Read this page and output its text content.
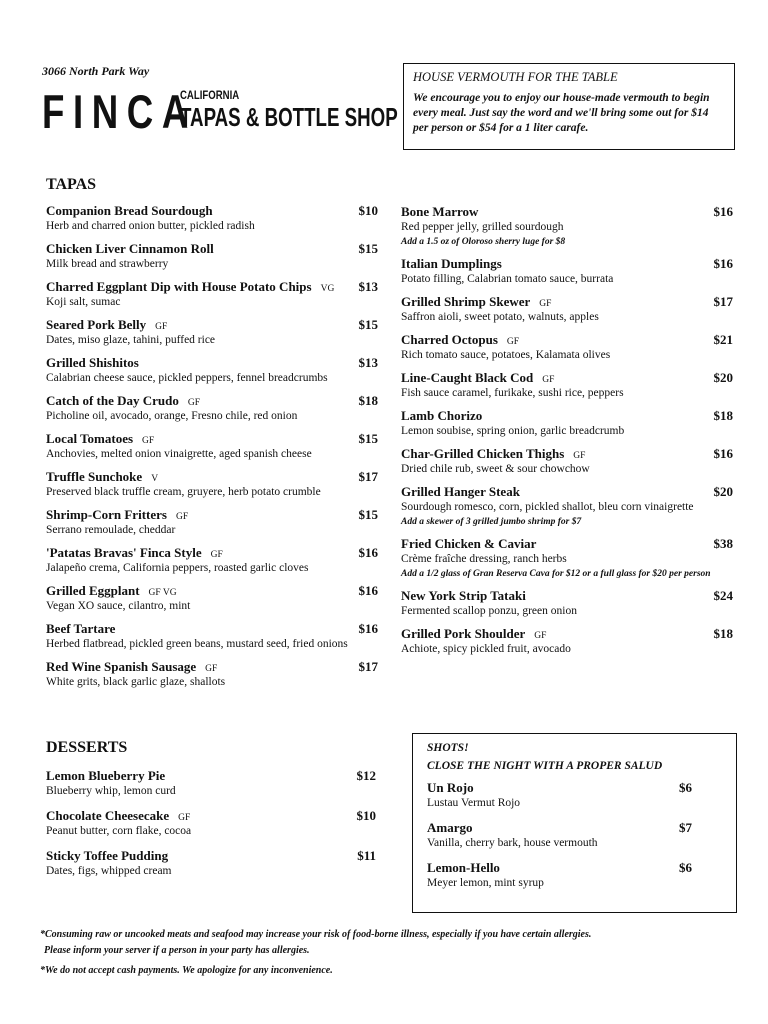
3066 North Park Way
FINCA
CALIFORNIA
TAPAS & BOTTLE SHOP
HOUSE VERMOUTH FOR THE TABLE
We encourage you to enjoy our house-made vermouth to begin every meal. Just say the word and we'll bring some out for $14 per person or $54 for a 1 liter carafe.
TAPAS
Companion Bread Sourdough	$10
Herb and charred onion butter, pickled radish
Chicken Liver Cinnamon Roll	$15
Milk bread and strawberry
Charred Eggplant Dip with House Potato Chips VG $13
Koji salt, sumac
Seared Pork Belly GF	$15
Dates, miso glaze, tahini, puffed rice
Grilled Shishitos	$13
Calabrian cheese sauce, pickled peppers, fennel breadcrumbs
Catch of the Day Crudo GF	$18
Picholine oil, avocado, orange, Fresno chile, red onion
Local Tomatoes GF	$15
Anchovies, melted onion vinaigrette, aged spanish cheese
Truffle Sunchoke V	$17
Preserved black truffle cream, gruyere, herb potato crumble
Shrimp-Corn Fritters GF	$15
Serrano remoulade, cheddar
'Patatas Bravas' Finca Style GF	$16
Jalapeño crema, California peppers, roasted garlic cloves
Grilled Eggplant GF VG	$16
Vegan XO sauce, cilantro, mint
Beef Tartare	$16
Herbed flatbread, pickled green beans, mustard seed, fried onions
Red Wine Spanish Sausage GF	$17
White grits, black garlic glaze, shallots
Bone Marrow	$16
Red pepper jelly, grilled sourdough
Add a 1.5 oz of Oloroso sherry luge for $8
Italian Dumplings	$16
Potato filling, Calabrian tomato sauce, burrata
Grilled Shrimp Skewer GF	$17
Saffron aioli, sweet potato, walnuts, apples
Charred Octopus GF	$21
Rich tomato sauce, potatoes, Kalamata olives
Line-Caught Black Cod GF	$20
Fish sauce caramel, furikake, sushi rice, peppers
Lamb Chorizo	$18
Lemon soubise, spring onion, garlic breadcrumb
Char-Grilled Chicken Thighs GF	$16
Dried chile rub, sweet & sour chowchow
Grilled Hanger Steak	$20
Sourdough romesco, corn, pickled shallot, bleu corn vinaigrette
Add a skewer of 3 grilled jumbo shrimp for $7
Fried Chicken & Caviar	$38
Crème fraîche dressing, ranch herbs
Add a 1/2 glass of Gran Reserva Cava for $12 or a full glass for $20 per person
New York Strip Tataki	$24
Fermented scallop ponzu, green onion
Grilled Pork Shoulder GF	$18
Achiote, spicy pickled fruit, avocado
DESSERTS
Lemon Blueberry Pie	$12
Blueberry whip, lemon curd
Chocolate Cheesecake GF	$10
Peanut butter, corn flake, cocoa
Sticky Toffee Pudding	$11
Dates, figs, whipped cream
SHOTS!
CLOSE THE NIGHT WITH A PROPER SALUD
Un Rojo	$6
Lustau Vermut Rojo
Amargo	$7
Vanilla, cherry bark, house vermouth
Lemon-Hello	$6
Meyer lemon, mint syrup
*Consuming raw or uncooked meats and seafood may increase your risk of food-borne illness, especially if you have certain allergies.
Please inform your server if a person in your party has allergies.
*We do not accept cash payments. We apologize for any inconvenience.
